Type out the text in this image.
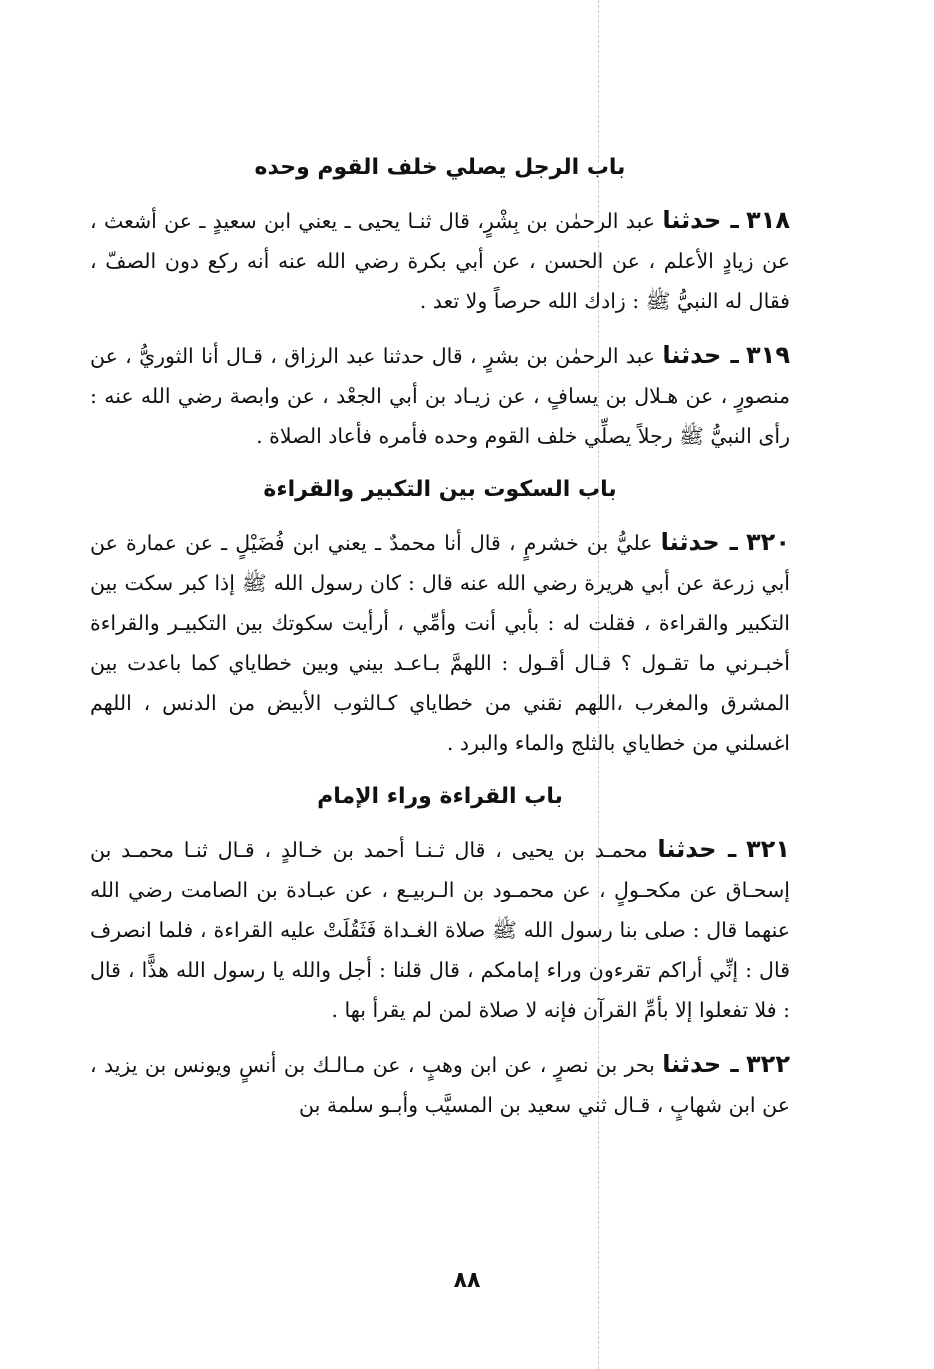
باب الرجل يصلي خلف القوم وحده

٣١٨ ـ حدثنا عبد الرحمٰن بن بِشْرٍ، قال ثنـا يحيى ـ يعني ابن سعيدٍ ـ عن أشعث ، عن زيادٍ الأعلم ، عن الحسن ، عن أبي بكرة رضي الله عنه أنه ركع دون الصفّ ، فقال له النبيُّ ﷺ : زادك الله حرصاً ولا تعد .

٣١٩ ـ حدثنا عبد الرحمٰن بن بشرٍ ، قال حدثنا عبد الرزاق ، قـال أنا الثوريُّ ، عن منصورٍ ، عن هـلال بن يسافٍ ، عن زيـاد بن أبي الجعْد ، عن وابصة رضي الله عنه : رأى النبيُّ ﷺ رجلاً يصلِّي خلف القوم وحده فأمره فأعاد الصلاة .

باب السكوت بين التكبير والقراءة

٣٢٠ ـ حدثنا عليُّ بن خشرمٍ ، قال أنا محمدٌ ـ يعني ابن فُضَيْلٍ ـ عن عمارة عن أبي زرعة عن أبي هريرة رضي الله عنه قال : كان رسول الله ﷺ إذا كبر سكت بين التكبير والقراءة ، فقلت له : بأبي أنت وأمِّي ، أرأيت سكوتك بين التكبيـر والقراءة أخبـرني ما تقـول ؟ قـال أقـول : اللهمَّ بـاعـد بيني وبين خطاياي كما باعدت بين المشرق والمغرب ،اللهم نقني من خطاياي كـالثوب الأبيض من الدنس ، اللهم اغسلني من خطاياي بالثلج والماء والبرد .

باب القراءة وراء الإمام

٣٢١ ـ حدثنا محمـد بن يحيى ، قال ثـنـا أحمد بن خـالدٍ ، قـال ثنـا محمـد بن إسحـاق عن مكحـولٍ ، عن محمـود بن الـربيـع ، عن عبـادة بن الصامت رضي الله عنهما قال : صلى بنا رسول الله ﷺ صلاة الغـداة فَثَقُلَتْ عليه القراءة ، فلما انصرف قال : إنِّي أراكم تقرءون وراء إمامكم ، قال قلنا : أجل والله يا رسول الله هذًّا ، قال : فلا تفعلوا إلا بأمِّ القرآن فإنه لا صلاة لمن لم يقرأ بها .

٣٢٢ ـ حدثنا بحر بن نصرٍ ، عن ابن وهبٍ ، عن مـالـك بن أنسٍ ويونس بن يزيد ، عن ابن شهابٍ ، قـال ثني سعيد بن المسيَّب وأبـو سلمة بن

٨٨
